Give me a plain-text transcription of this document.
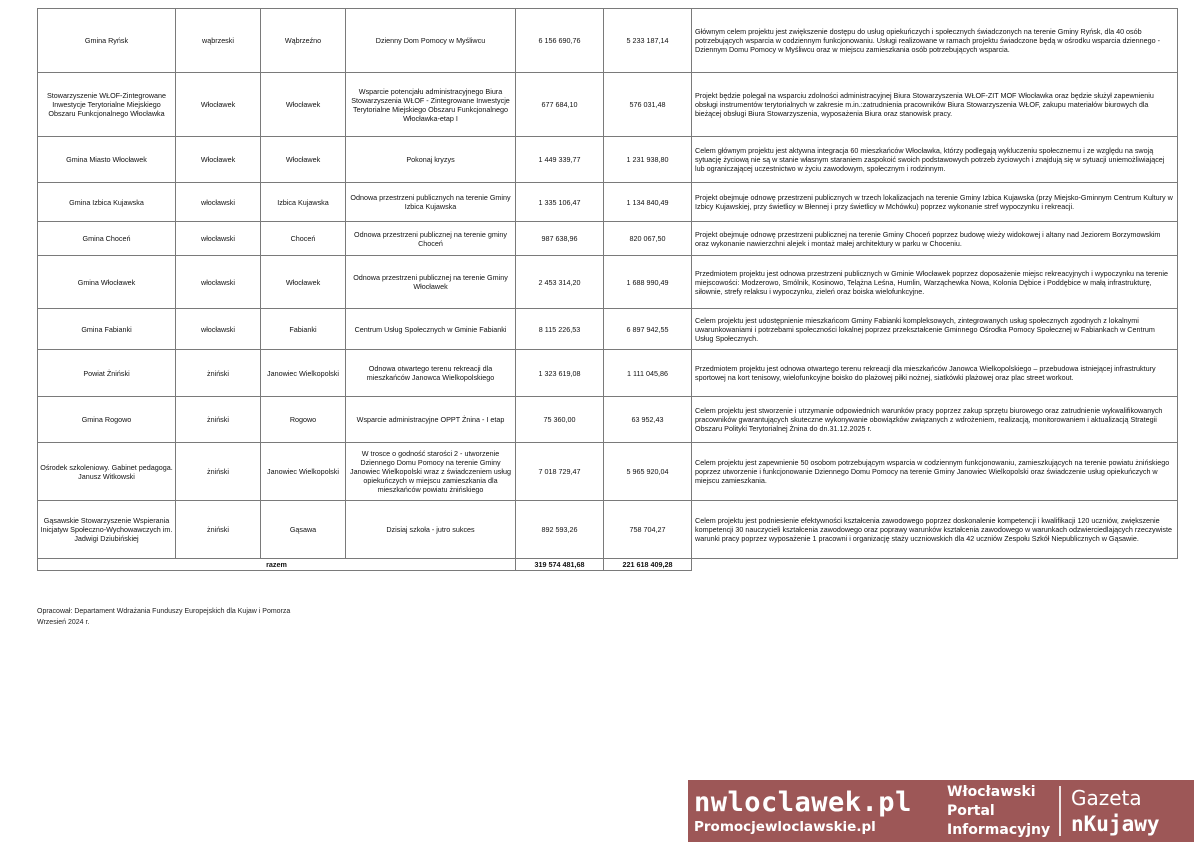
Gmina Ryńsk	wąbrzeski	Wąbrzeźno	Dzienny Dom Pomocy w Myśliwcu	6 156 690,76	5 233 187,14	Głównym celem projektu jest zwiększenie dostępu do usług opiekuńczych i społecznych świadczonych na terenie Gminy Ryńsk, dla 40 osób potrzebujących wsparcia w codziennym funkcjonowaniu. Usługi realizowane w ramach projektu świadczone będą w ośrodku wsparcia dziennego - Dziennym Domu Pomocy w Myśliwcu oraz w miejscu zamieszkania osób potrzebujących wsparcia.
Stowarzyszenie WŁOF-Zintegrowane Inwestycje Terytorialne Miejskiego Obszaru Funkcjonalnego Włocławka	Włocławek	Włocławek	Wsparcie potencjału administracyjnego Biura Stowarzyszenia WŁOF - Zintegrowane Inwestycje Terytorialne Miejskiego Obszaru Funkcjonalnego Włocławka-etap I	677 684,10	576 031,48	Projekt będzie polegał na wsparciu zdolności administracyjnej Biura Stowarzyszenia WŁOF-ZIT MOF Włocławka oraz będzie służył zapewnieniu obsługi instrumentów terytorialnych w zakresie m.in.:zatrudnienia pracowników Biura Stowarzyszenia WŁOF, zakupu materiałów biurowych dla bieżącej obsługi Biura Stowarzyszenia, wyposażenia Biura oraz stanowisk pracy.
Gmina Miasto Włocławek	Włocławek	Włocławek	Pokonaj kryzys	1 449 339,77	1 231 938,80	Celem głównym projektu jest aktywna integracja 60 mieszkańców Włocławka, którzy podlegają wykluczeniu społecznemu i ze względu na swoją sytuację życiową nie są w stanie własnym staraniem zaspokoić swoich podstawowych potrzeb życiowych i znajdują się w sytuacji uniemożliwiającej lub ograniczającej uczestnictwo w życiu zawodowym, społecznym i rodzinnym.
Gmina Izbica Kujawska	włocławski	Izbica Kujawska	Odnowa przestrzeni publicznych na terenie Gminy Izbica Kujawska	1 335 106,47	1 134 840,49	Projekt obejmuje odnowę przestrzeni publicznych w trzech lokalizacjach na terenie Gminy Izbica Kujawska (przy Miejsko-Gminnym Centrum Kultury w Izbicy Kujawskiej, przy świetlicy w Błennej i przy świetlicy w Mchówku) poprzez wykonanie stref wypoczynku i rekreacji.
Gmina Choceń	włocławski	Choceń	Odnowa przestrzeni publicznej na terenie gminy Choceń	987 638,96	820 067,50	Projekt obejmuje odnowę przestrzeni publicznej na terenie Gminy Choceń poprzez budowę wieży widokowej i altany nad Jeziorem Borzymowskim oraz wykonanie nawierzchni alejek i montaż małej architektury w parku w Choceniu.
Gmina Włocławek	włocławski	Włocławek	Odnowa przestrzeni publicznej na terenie Gminy Włocławek	2 453 314,20	1 688 990,49	Przedmiotem projektu jest odnowa przestrzeni publicznych w Gminie Włocławek poprzez doposażenie miejsc rekreacyjnych i wypoczynku na terenie miejscowości: Modzerowo, Smólnik, Kosinowo, Telążna Leśna, Humlin, Warząchewka Nowa, Kolonia Dębice i Poddębice w małą infrastrukturę, siłownie, strefy relaksu i wypoczynku, zieleń oraz boiska wielofunkcyjne.
Gmina Fabianki	włocławski	Fabianki	Centrum Usług Społecznych w Gminie Fabianki	8 115 226,53	6 897 942,55	Celem projektu jest udostępnienie mieszkańcom Gminy Fabianki kompleksowych, zintegrowanych usług społecznych zgodnych z lokalnymi uwarunkowaniami i potrzebami społeczności lokalnej poprzez przekształcenie Gminnego Ośrodka Pomocy Społecznej w Fabiankach w Centrum Usług Społecznych.
Powiat Żniński	żniński	Janowiec Wielkopolski	Odnowa otwartego terenu rekreacji dla mieszkańców Janowca Wielkopolskiego	1 323 619,08	1 111 045,86	Przedmiotem projektu jest odnowa otwartego terenu rekreacji dla mieszkańców Janowca Wielkopolskiego – przebudowa istniejącej infrastruktury sportowej na kort tenisowy, wielofunkcyjne boisko do plażowej piłki nożnej, siatkówki plażowej oraz plac street workout.
Gmina Rogowo	żniński	Rogowo	Wsparcie administracyjne OPPT Żnina - I etap	75 360,00	63 952,43	Celem projektu jest stworzenie i utrzymanie odpowiednich warunków pracy poprzez zakup sprzętu biurowego oraz zatrudnienie wykwalifikowanych pracowników gwarantujących skuteczne wykonywanie obowiązków związanych z wdrożeniem, realizacją, monitorowaniem i aktualizacją Strategii Obszaru Polityki Terytorialnej Żnina do dn.31.12.2025 r.
Ośrodek szkoleniowy. Gabinet pedagoga. Janusz Witkowski	żniński	Janowiec Wielkopolski	W trosce o godność starości 2 - utworzenie Dziennego Domu Pomocy na terenie Gminy Janowiec Wielkopolski wraz z świadczeniem usług opiekuńczych w miejscu zamieszkania dla mieszkańców powiatu żnińskiego	7 018 729,47	5 965 920,04	Celem projektu jest zapewnienie 50 osobom potrzebującym wsparcia w codziennym funkcjonowaniu, zamieszkujących na terenie powiatu żnińskiego poprzez utworzenie i funkcjonowanie Dziennego Domu Pomocy na terenie Gminy Janowiec Wielkopolski oraz świadczenie usług opiekuńczych w miejscu zamieszkania.
Gąsawskie Stowarzyszenie Wspierania Inicjatyw Społeczno-Wychowawczych im. Jadwigi Dziubińskiej	żniński	Gąsawa	Dzisiaj szkoła - jutro sukces	892 593,26	758 704,27	Celem projektu jest podniesienie efektywności kształcenia zawodowego poprzez doskonalenie kompetencji i kwalifikacji 120 uczniów, zwiększenie kompetencji 30 nauczycieli kształcenia zawodowego oraz poprawy warunków kształcenia zawodowego w warunkach odzwierciedlających rzeczywiste warunki pracy poprzez wyposażenie 1 pracowni i organizację staży uczniowskich dla 42 uczniów Zespołu Szkół Niepublicznych w Gąsawie.
razem				319 574 481,68	221 618 409,28	
Opracował: Departament Wdrażania Funduszy Europejskich dla Kujaw i Pomorza
Wrzesień 2024 r.
nwloclawek.pl
Promocjewloclawskie.pl
Włocławski
Portal
Informacyjny
Gazeta
nKujawy
